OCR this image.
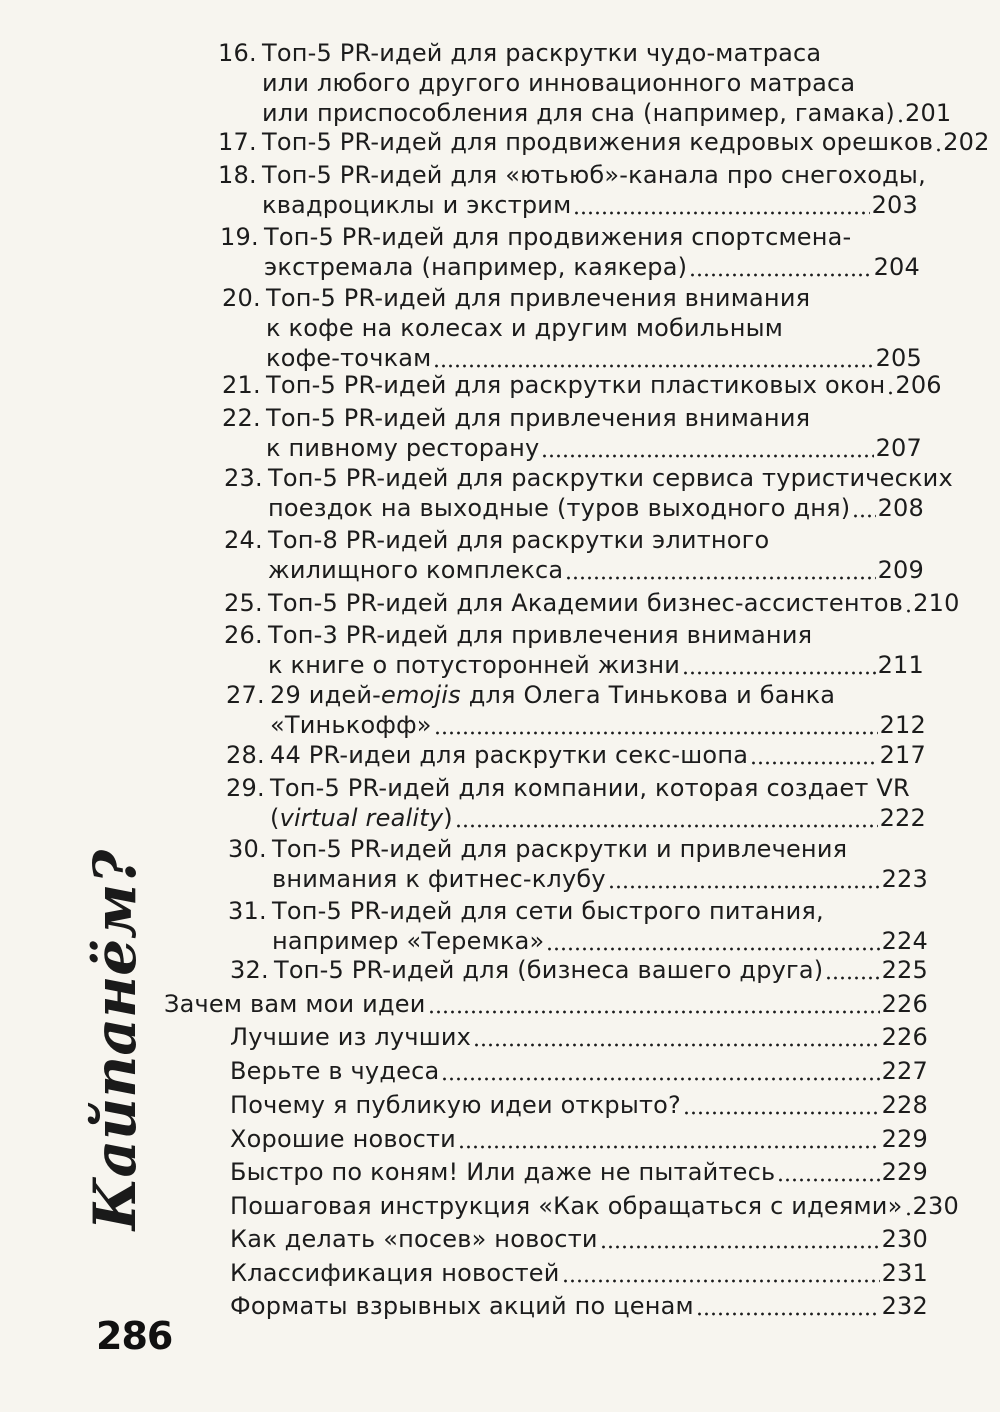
16. Топ-5 PR-идей для раскрутки чудо-матраса
или любого другого инновационного матраса
или приспособления для сна (например, гамака) 201
17. Топ-5 PR-идей для продвижения кедровых орешков 202
18. Топ-5 PR-идей для «ютьюб»-канала про снегоходы,
квадроциклы и экстрим	203
19. Топ-5 PR-идей для продвижения спортсмена-
экстремала (например, каякера)	204
20. Топ-5 PR-идей для привлечения внимания
к кофе на колесах и другим мобильным
кофе-точкам	205
21. Топ-5 PR-идей для раскрутки пластиковых окон 206
22. Топ-5 PR-идей для привлечения внимания
к пивному ресторану	207
23. Топ-5 PR-идей для раскрутки сервиса туристических
поездок на выходные (туров выходного дня) 208
24. Топ-8 PR-идей для раскрутки элитного
жилищного комплекса	209
25. Топ-5 PR-идей для Академии бизнес-ассистентов 210
26. Топ-3 PR-идей для привлечения внимания
к книге о потусторонней жизни	211
27. 29 идей-emojis для Олега Тинькова и банка
«Тинькофф»	212
28. 44 PR-идеи для раскрутки секс-шопа	217
29. Топ-5 PR-идей для компании, которая создает VR
(virtual reality)	222
30. Топ-5 PR-идей для раскрутки и привлечения
внимания к фитнес-клубу	223
31. Топ-5 PR-идей для сети быстрого питания,
например «Теремка»	224
32. Топ-5 PR-идей для (бизнеса вашего друга) 225
Зачем вам мои идеи	226
Лучшие из лучших	226
Верьте в чудеса	227
Почему я публикую идеи открыто?	228
Хорошие новости	229
Быстро по коням! Или даже не пытайтесь	229
Пошаговая инструкция «Как обращаться с идеями» 230
Как делать «посев» новости	230
Классификация новостей	231
Форматы взрывных акций по ценам	232
Кайпанём?
286
